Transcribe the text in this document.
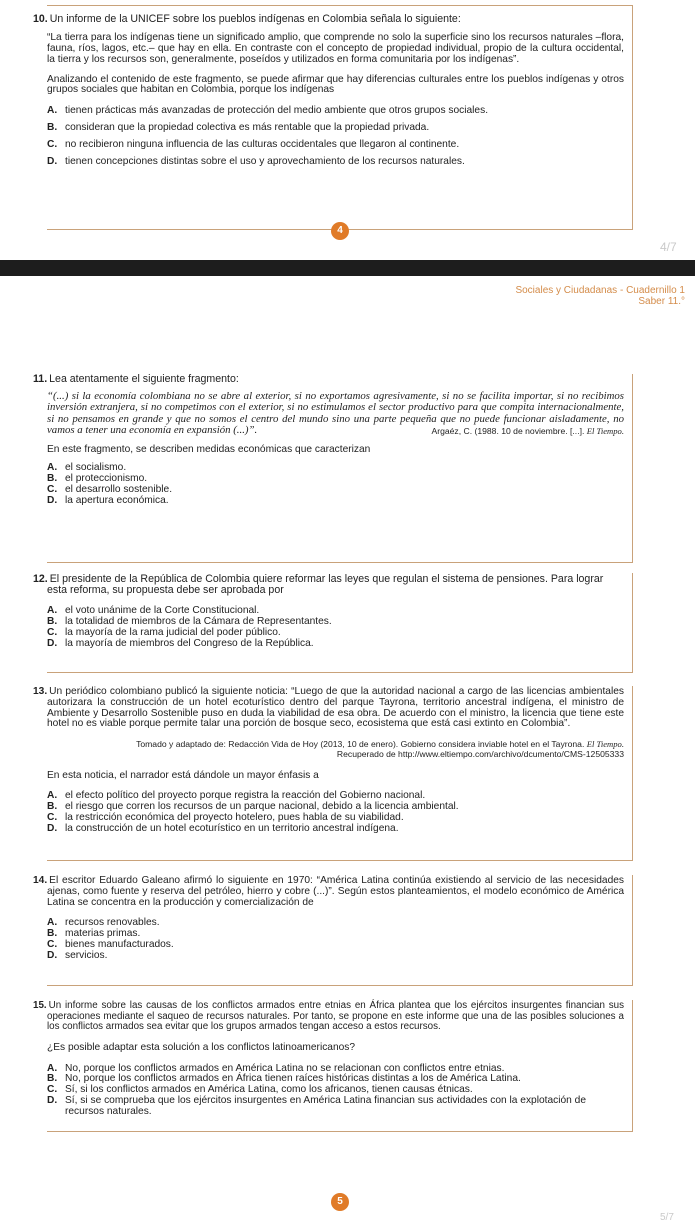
10. Un informe de la UNICEF sobre los pueblos indígenas en Colombia señala lo siguiente:

“La tierra para los indígenas tiene un significado amplio, que comprende no solo la superficie sino los recursos naturales –flora, fauna, ríos, lagos, etc.– que hay en ella. En contraste con el concepto de propiedad individual, propio de la cultura occidental, la tierra y los recursos son, generalmente, poseídos y utilizados en forma comunitaria por los indígenas”.

Analizando el contenido de este fragmento, se puede afirmar que hay diferencias culturales entre los pueblos indígenas y otros grupos sociales que habitan en Colombia, porque los indígenas

A. tienen prácticas más avanzadas de protección del medio ambiente que otros grupos sociales.
B. consideran que la propiedad colectiva es más rentable que la propiedad privada.
C. no recibieron ninguna influencia de las culturas occidentales que llegaron al continente.
D. tienen concepciones distintas sobre el uso y aprovechamiento de los recursos naturales.
4
4/7
Sociales y Ciudadanas - Cuadernillo 1
Saber 11.°

11. Lea atentamente el siguiente fragmento:

“(...) si la economía colombiana no se abre al exterior, si no exportamos agresivamente, si no se facilita importar, si no recibimos inversión extranjera, si no competimos con el exterior, si no estimulamos el sector productivo para que compita internacionalmente, si no pensamos en grande y que no somos el centro del mundo sino una parte pequeña que no puede funcionar aisladamente, no vamos a tener una economía en expansión (...)”.	Argaéz, C. (1988. 10 de noviembre. [...]. El Tiempo.

En este fragmento, se describen medidas económicas que caracterizan

A. el socialismo.
B. el proteccionismo.
C. el desarrollo sostenible.
D. la apertura económica.

12. El presidente de la República de Colombia quiere reformar las leyes que regulan el sistema de pensiones. Para lograr esta reforma, su propuesta debe ser aprobada por

A. el voto unánime de la Corte Constitucional.
B. la totalidad de miembros de la Cámara de Representantes.
C. la mayoría de la rama judicial del poder público.
D. la mayoría de miembros del Congreso de la República.

13. Un periódico colombiano publicó la siguiente noticia: “Luego de que la autoridad nacional a cargo de las licencias ambientales autorizara la construcción de un hotel ecoturístico dentro del parque Tayrona, territorio ancestral indígena, el ministro de Ambiente y Desarrollo Sostenible puso en duda la viabilidad de esa obra. De acuerdo con el ministro, la licencia que tiene este hotel no es viable porque permite talar una porción de bosque seco, ecosistema que está casi extinto en Colombia”.

Tomado y adaptado de: Redacción Vida de Hoy (2013, 10 de enero). Gobierno considera inviable hotel en el Tayrona. El Tiempo.
Recuperado de http://www.eltiempo.com/archivo/dcumento/CMS-12505333

En esta noticia, el narrador está dándole un mayor énfasis a

A. el efecto político del proyecto porque registra la reacción del Gobierno nacional.
B. el riesgo que corren los recursos de un parque nacional, debido a la licencia ambiental.
C. la restricción económica del proyecto hotelero, pues habla de su viabilidad.
D. la construcción de un hotel ecoturístico en un territorio ancestral indígena.

14. El escritor Eduardo Galeano afirmó lo siguiente en 1970: “América Latina continúa existiendo al servicio de las necesidades ajenas, como fuente y reserva del petróleo, hierro y cobre (...)”. Según estos planteamientos, el modelo económico de América Latina se concentra en la producción y comercialización de

A. recursos renovables.
B. materias primas.
C. bienes manufacturados.
D. servicios.

15. Un informe sobre las causas de los conflictos armados entre etnias en África plantea que los ejércitos insurgentes financian sus operaciones mediante el saqueo de recursos naturales. Por tanto, se propone en este informe que una de las posibles soluciones a los conflictos armados sea evitar que los grupos armados tengan acceso a estos recursos.

¿Es posible adaptar esta solución a los conflictos latinoamericanos?

A. No, porque los conflictos armados en América Latina no se relacionan con conflictos entre etnias.
B. No, porque los conflictos armados en África tienen raíces históricas distintas a los de América Latina.
C. Sí, si los conflictos armados en América Latina, como los africanos, tienen causas étnicas.
D. Sí, si se comprueba que los ejércitos insurgentes en América Latina financian sus actividades con la explotación de recursos naturales.
5
5/7
